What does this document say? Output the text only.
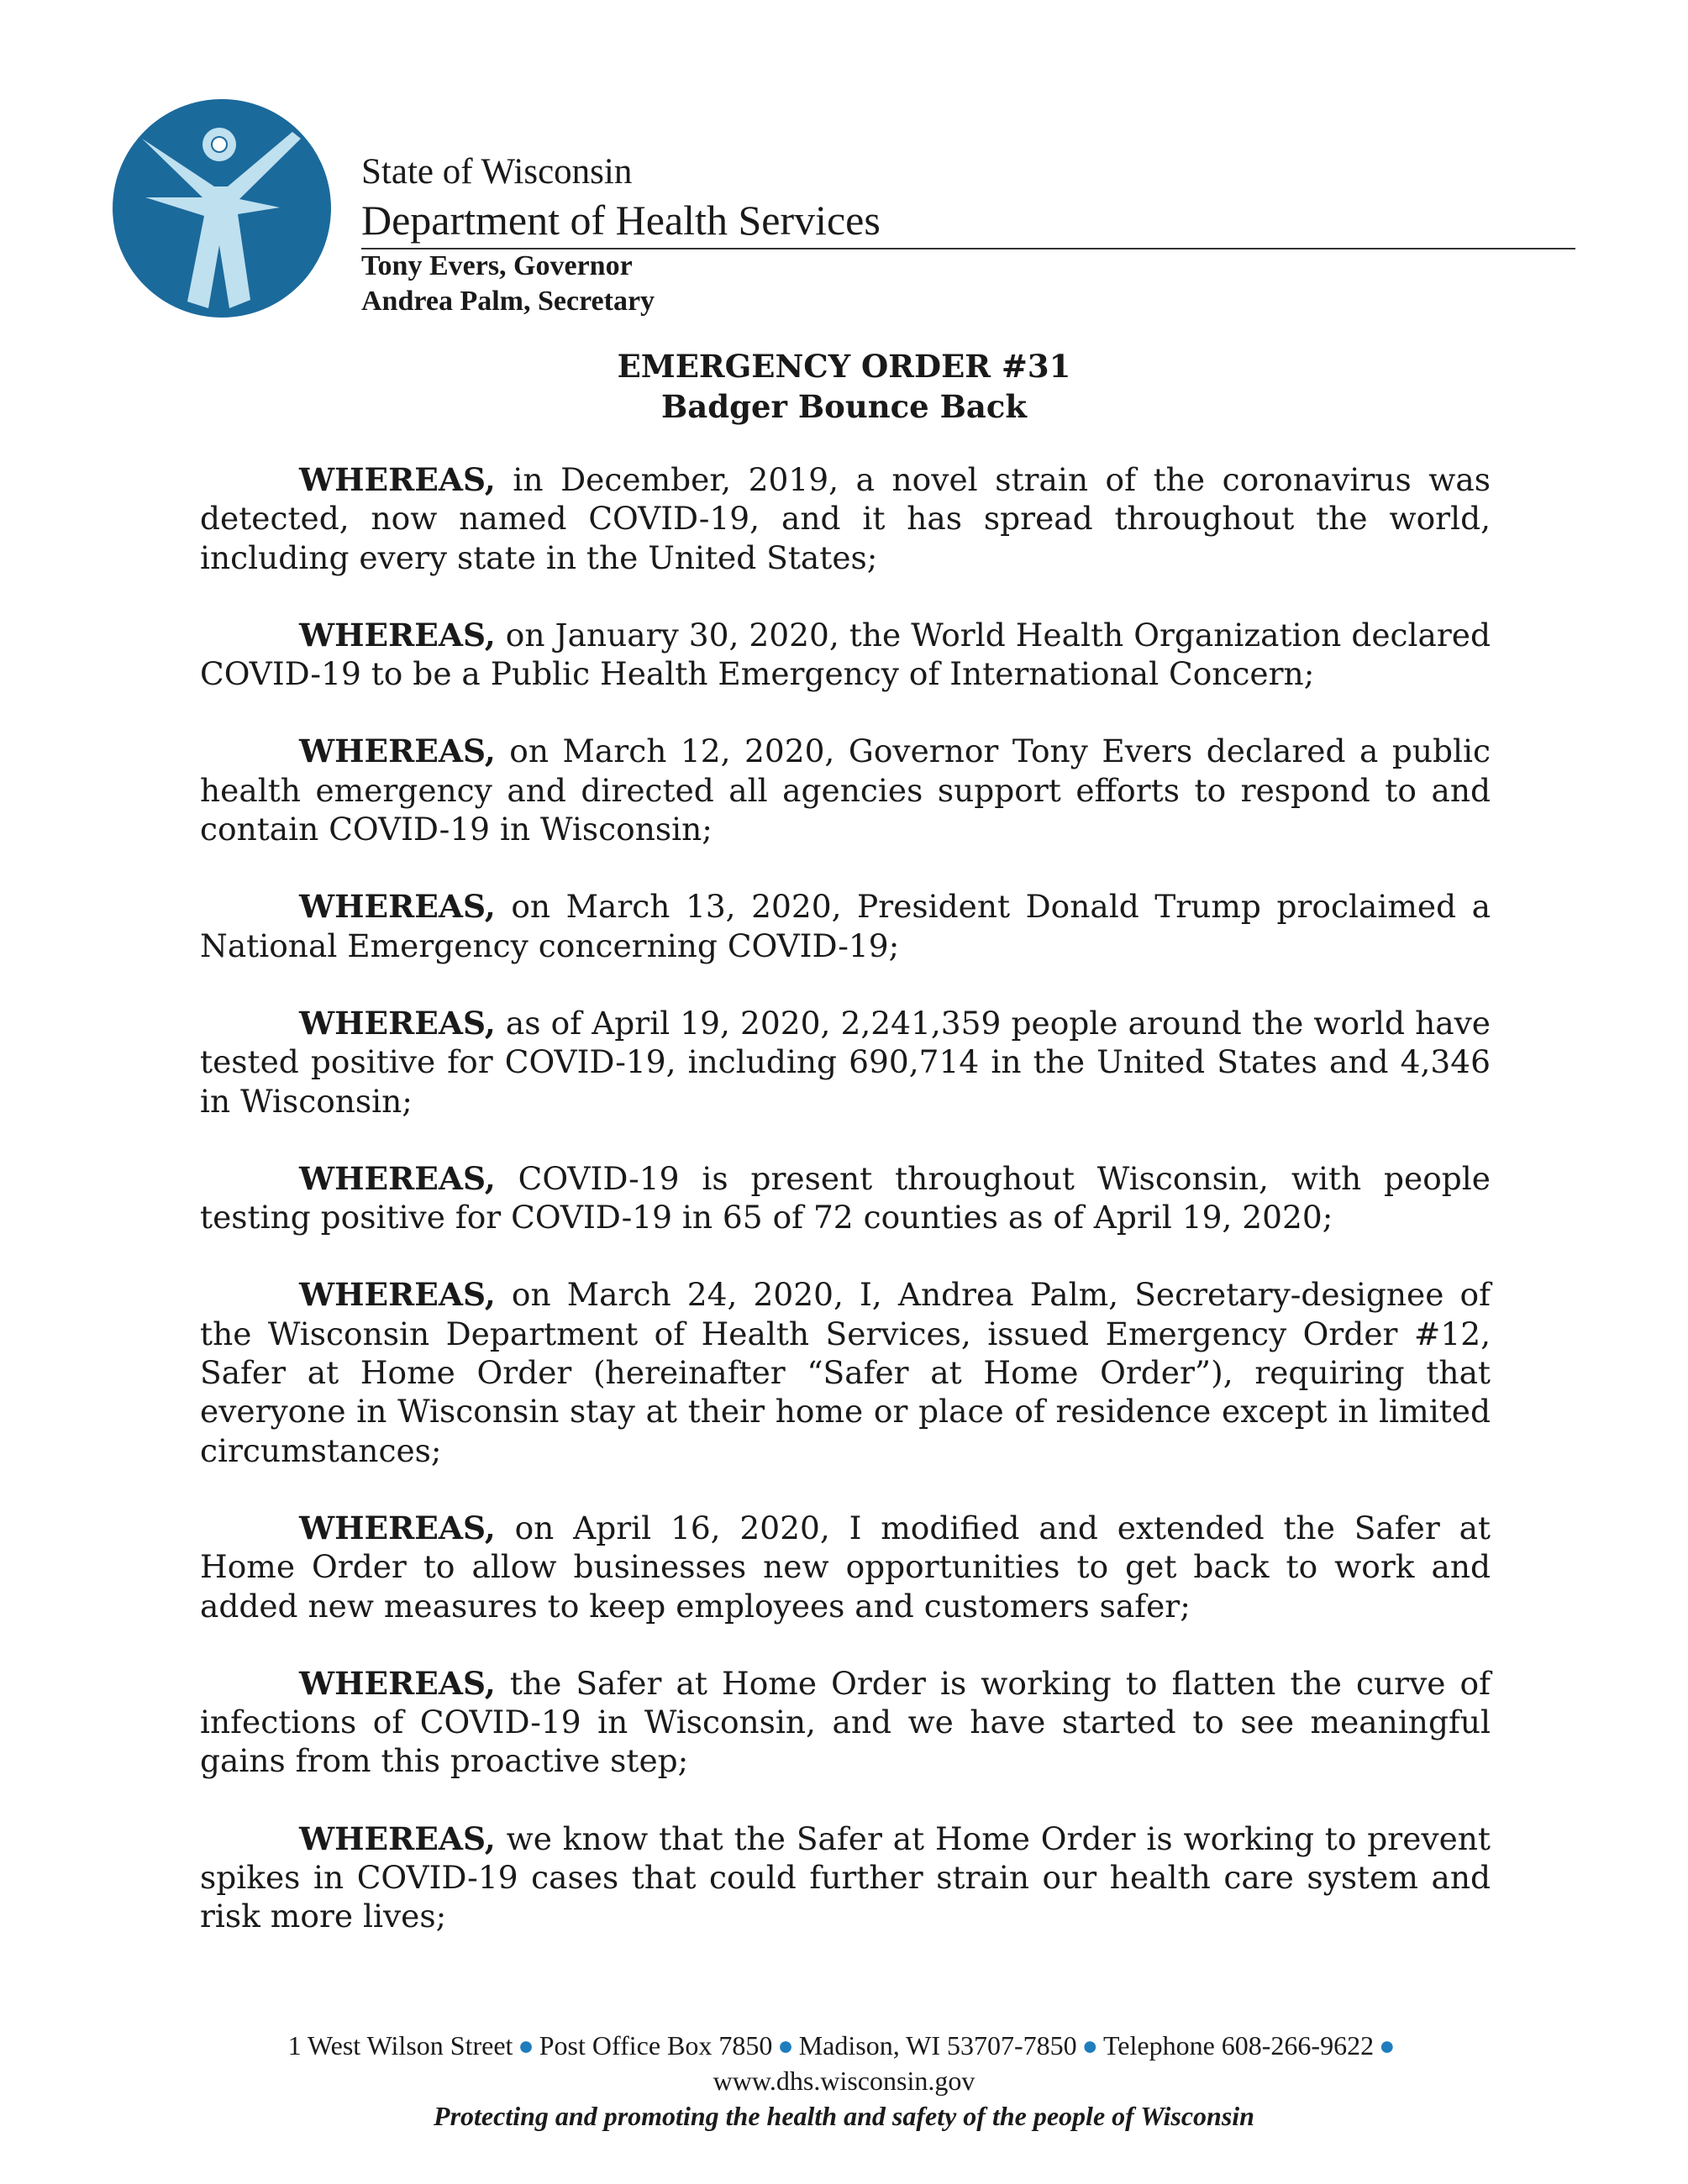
State of Wisconsin
Department of Health Services
Tony Evers, Governor
Andrea Palm, Secretary
EMERGENCY ORDER #31
Badger Bounce Back

WHEREAS, in December, 2019, a novel strain of the coronavirus was detected, now named COVID-19, and it has spread throughout the world, including every state in the United States;

WHEREAS, on January 30, 2020, the World Health Organization declared COVID-19 to be a Public Health Emergency of International Concern;

WHEREAS, on March 12, 2020, Governor Tony Evers declared a public health emergency and directed all agencies support efforts to respond to and contain COVID-19 in Wisconsin;

WHEREAS, on March 13, 2020, President Donald Trump proclaimed a National Emergency concerning COVID-19;

WHEREAS, as of April 19, 2020, 2,241,359 people around the world have tested positive for COVID-19, including 690,714 in the United States and 4,346 in Wisconsin;

WHEREAS, COVID-19 is present throughout Wisconsin, with people testing positive for COVID-19 in 65 of 72 counties as of April 19, 2020;

WHEREAS, on March 24, 2020, I, Andrea Palm, Secretary-designee of the Wisconsin Department of Health Services, issued Emergency Order #12, Safer at Home Order (hereinafter “Safer at Home Order”), requiring that everyone in Wisconsin stay at their home or place of residence except in limited circumstances;

WHEREAS, on April 16, 2020, I modified and extended the Safer at Home Order to allow businesses new opportunities to get back to work and added new measures to keep employees and customers safer;

WHEREAS, the Safer at Home Order is working to flatten the curve of infections of COVID-19 in Wisconsin, and we have started to see meaningful gains from this proactive step;

WHEREAS, we know that the Safer at Home Order is working to prevent spikes in COVID-19 cases that could further strain our health care system and risk more lives;

1 West Wilson Street ● Post Office Box 7850 ● Madison, WI 53707-7850 ● Telephone 608-266-9622 ●
www.dhs.wisconsin.gov
Protecting and promoting the health and safety of the people of Wisconsin
